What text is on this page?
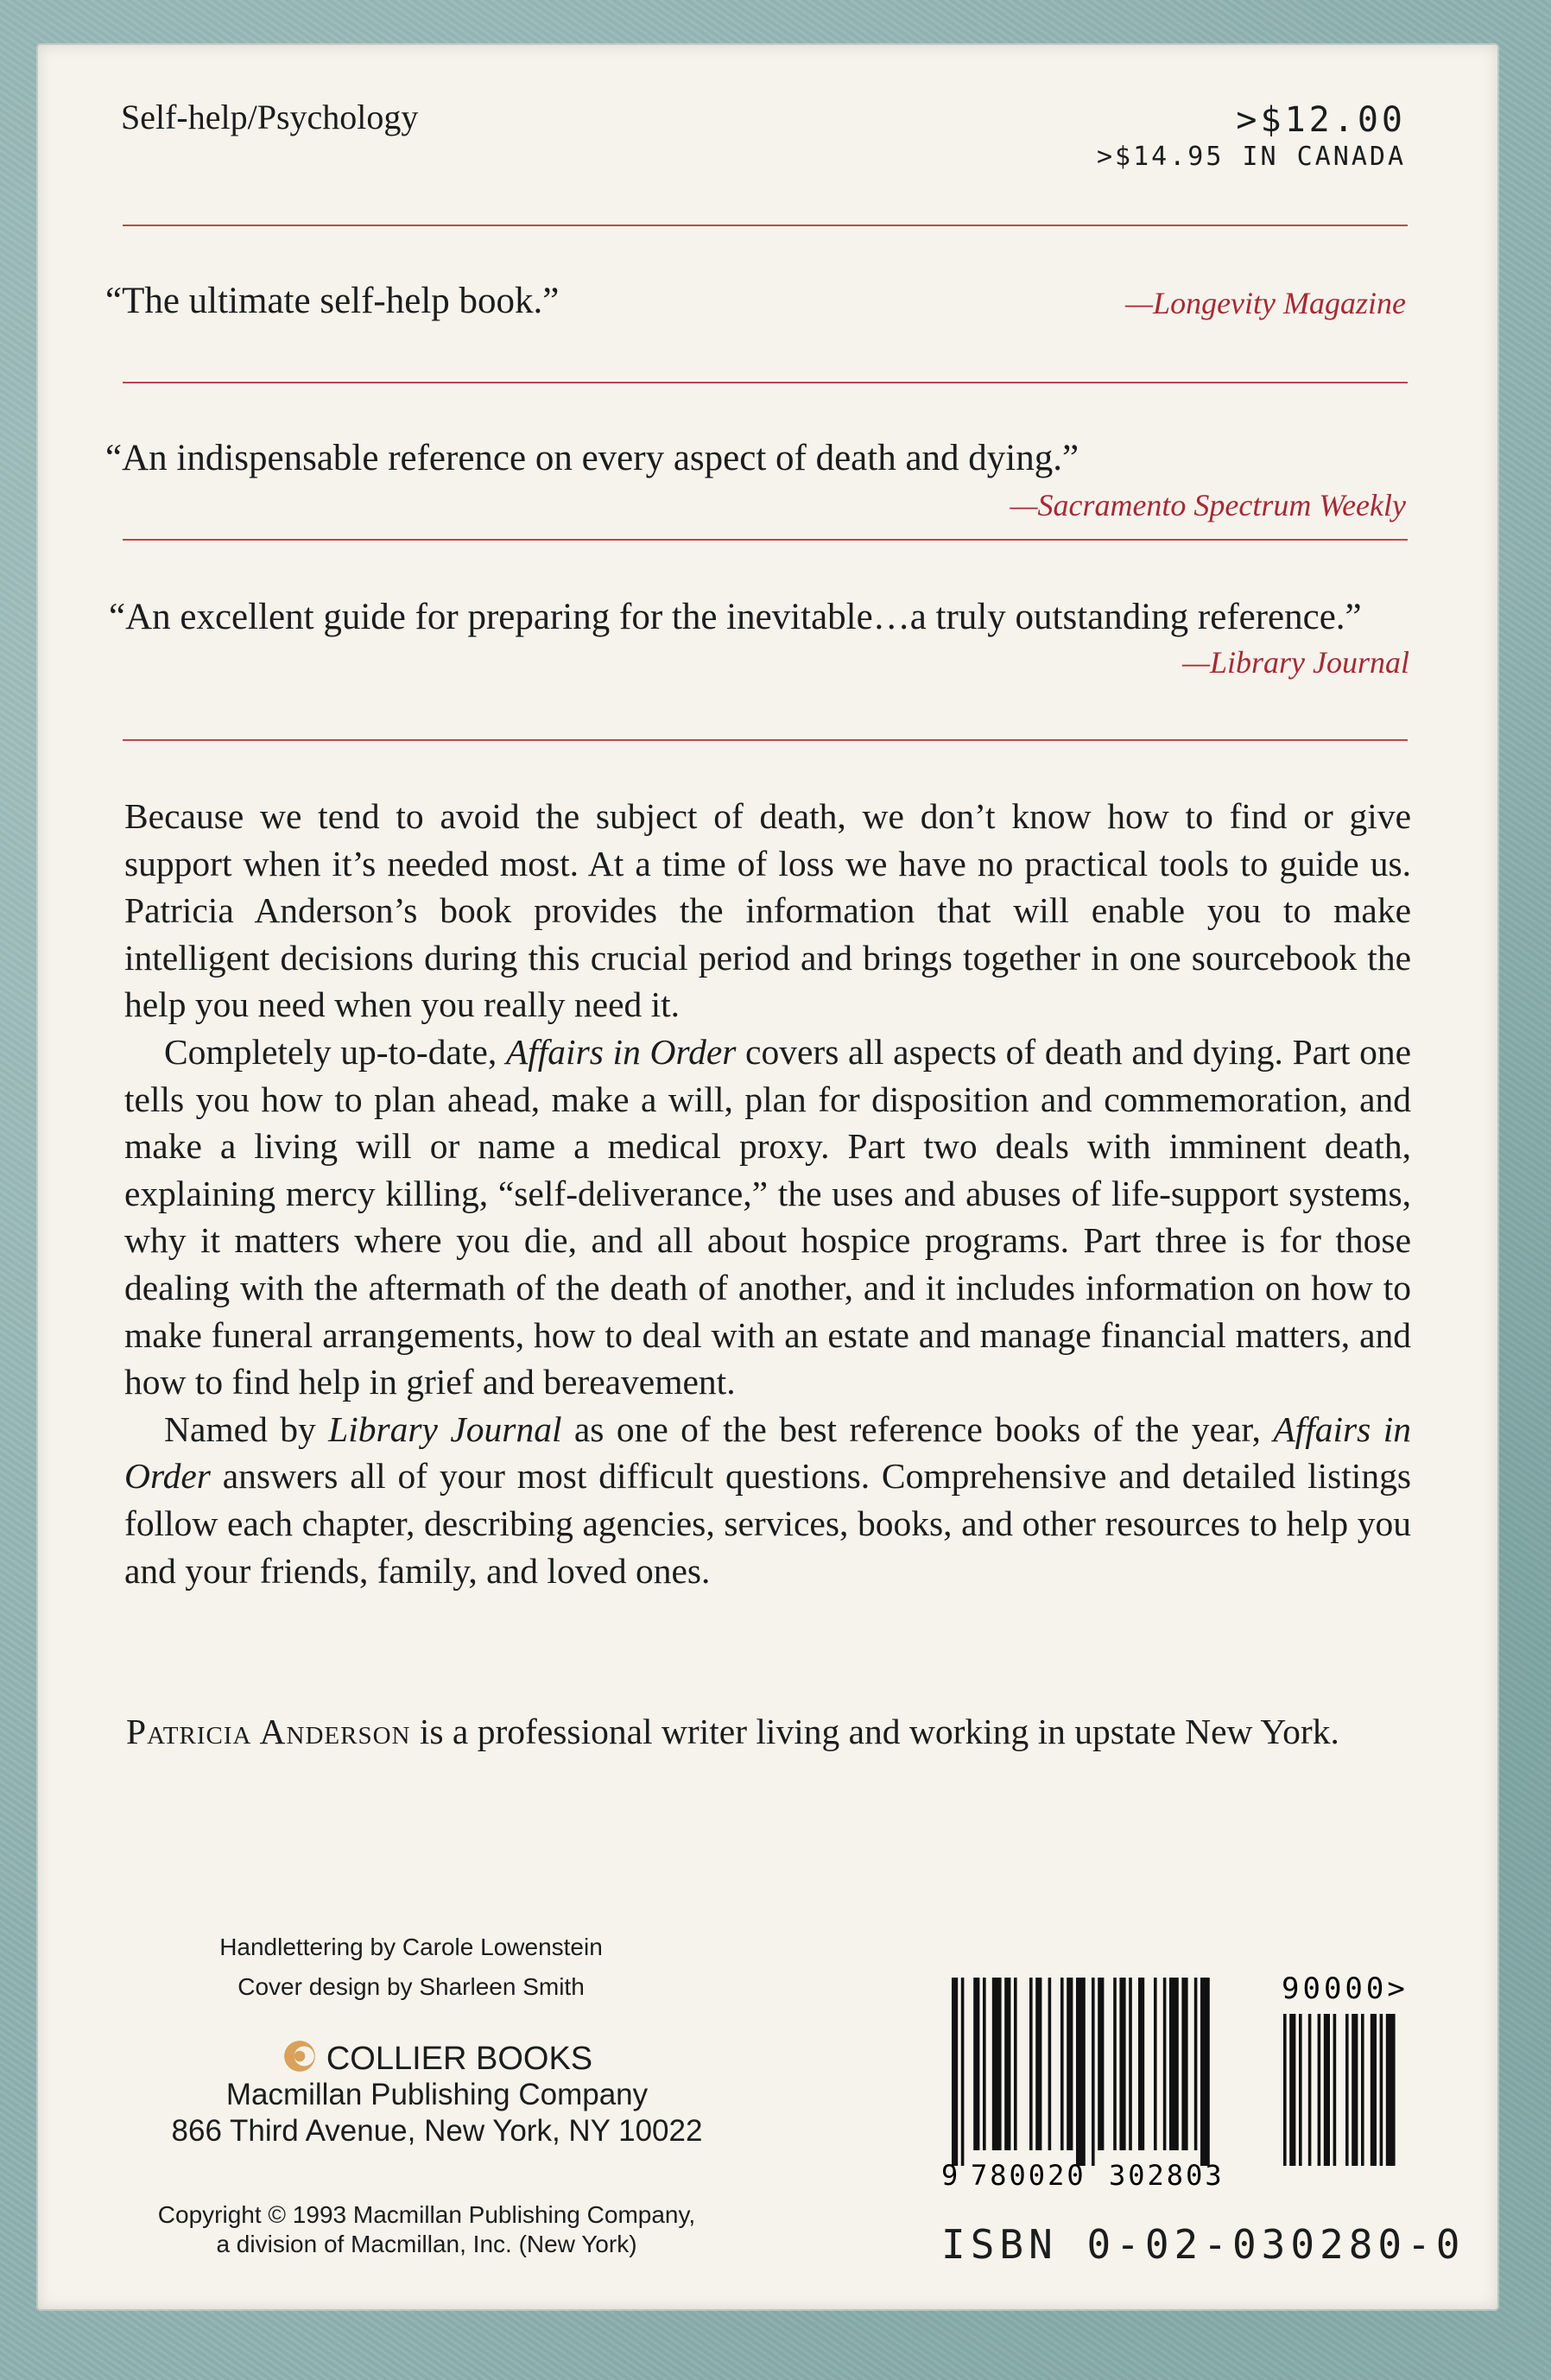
Self-help/Psychology	>$12.00
>$14.95 IN CANADA
“The ultimate self-help book.”	—Longevity Magazine
“An indispensable reference on every aspect of death and dying.”
—Sacramento Spectrum Weekly
“An excellent guide for preparing for the inevitable…a truly outstanding reference.”
—Library Journal

Because we tend to avoid the subject of death, we don’t know how to find or give support when it’s needed most. At a time of loss we have no practical tools to guide us. Patricia Anderson’s book provides the information that will enable you to make intelligent decisions during this crucial period and brings together in one sourcebook the help you need when you really need it.

Completely up-to-date, Affairs in Order covers all aspects of death and dying. Part one tells you how to plan ahead, make a will, plan for disposition and commemoration, and make a living will or name a medical proxy. Part two deals with imminent death, explaining mercy killing, “self-deliverance,” the uses and abuses of life-support systems, why it matters where you die, and all about hospice programs. Part three is for those dealing with the aftermath of the death of another, and it includes information on how to make funeral arrangements, how to deal with an estate and manage financial matters, and how to find help in grief and bereavement.

Named by Library Journal as one of the best reference books of the year, Affairs in Order answers all of your most difficult questions. Comprehensive and detailed listings follow each chapter, describing agencies, services, books, and other resources to help you and your friends, family, and loved ones.

Patricia Anderson is a professional writer living and working in upstate New York.
Handlettering by Carole Lowenstein
Cover design by Sharleen Smith
COLLIER BOOKS
Macmillan Publishing Company
866 Third Avenue, New York, NY 10022
Copyright © 1993 Macmillan Publishing Company,
a division of Macmillan, Inc. (New York)
9 780020 302803
90000>
ISBN 0-02-030280-0
